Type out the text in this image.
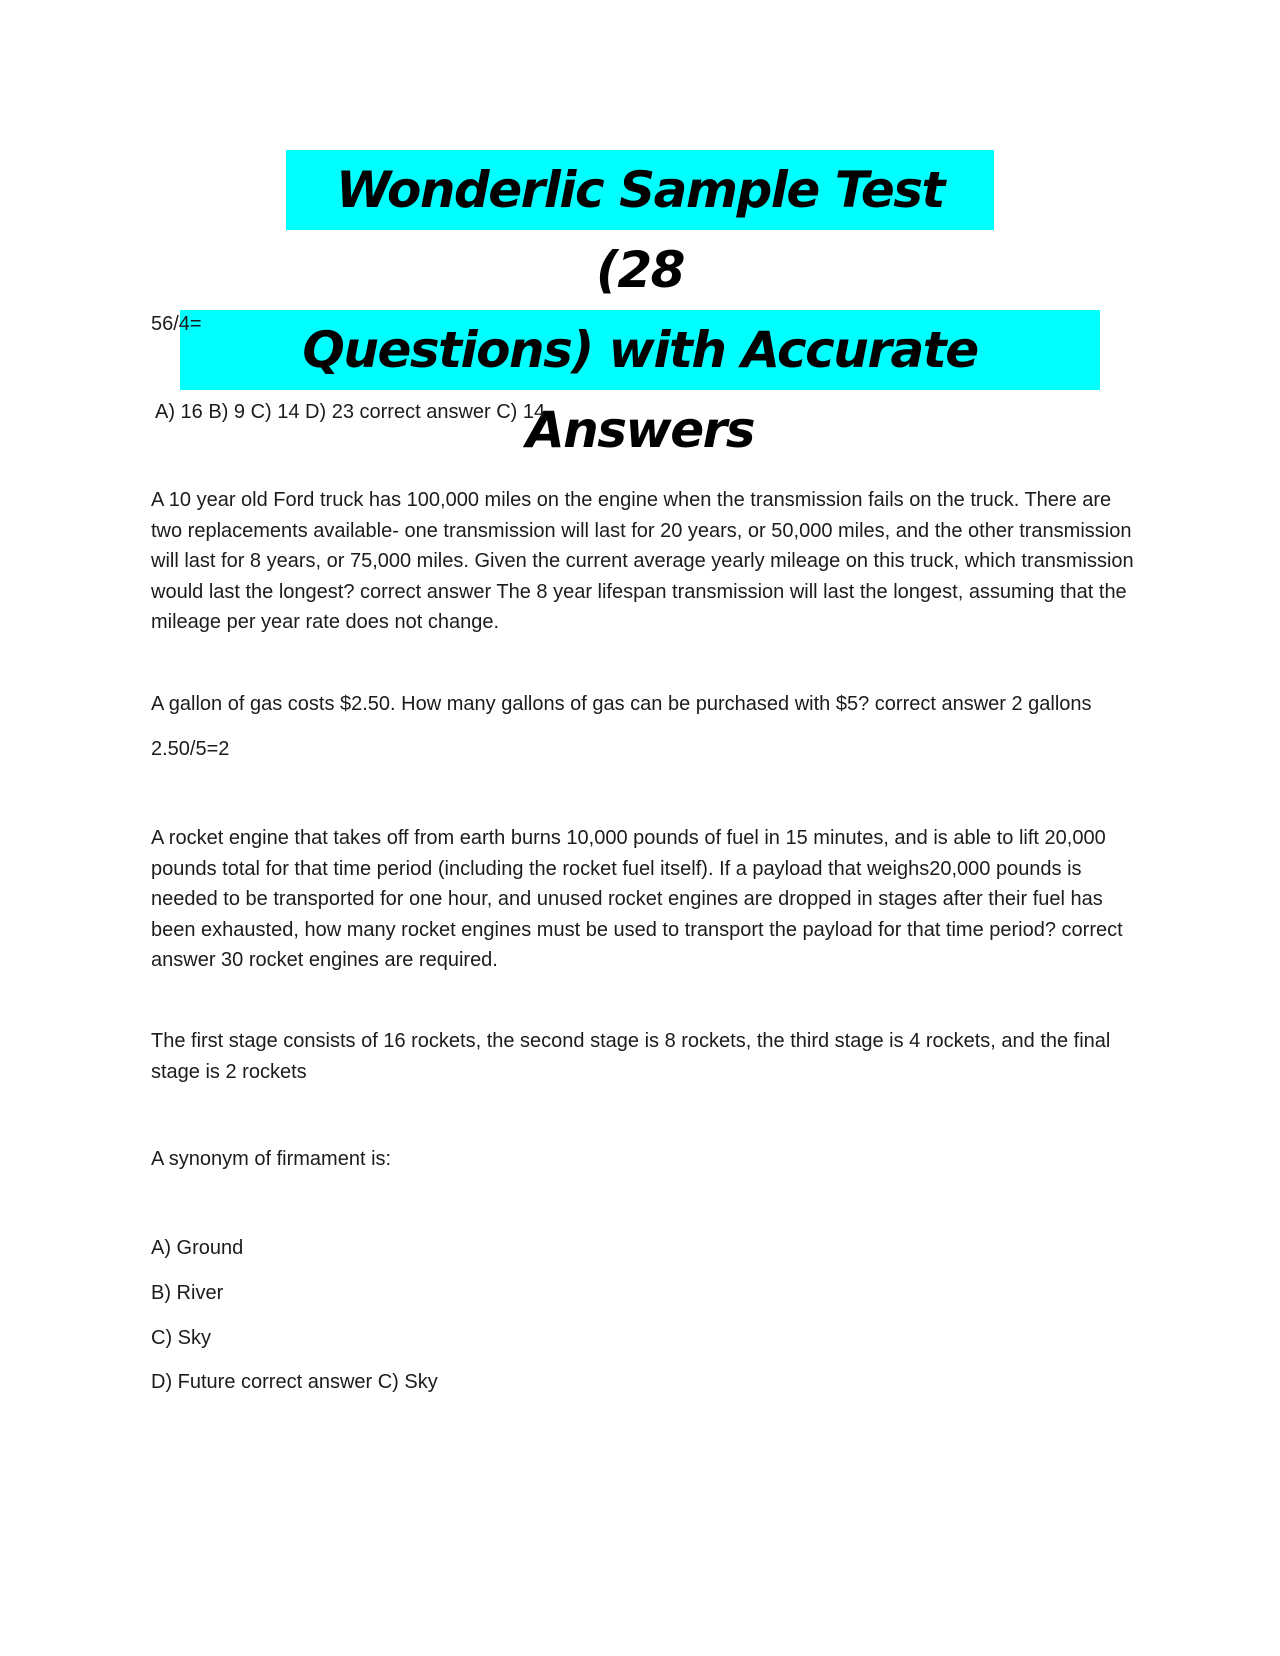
Wonderlic Sample Test (28
Questions) with Accurate Answers
56/4=
A) 16 B) 9 C) 14 D) 23 correct answer C) 14
A 10 year old Ford truck has 100,000 miles on the engine when the transmission fails on the truck. There are two replacements available- one transmission will last for 20 years, or 50,000 miles, and the other transmission will last for 8 years, or 75,000 miles. Given the current average yearly mileage on this truck, which transmission would last the longest? correct answer The 8 year lifespan transmission will last the longest, assuming that the mileage per year rate does not change.
A gallon of gas costs $2.50. How many gallons of gas can be purchased with $5? correct answer 2 gallons
2.50/5=2
A rocket engine that takes off from earth burns 10,000 pounds of fuel in 15 minutes, and is able to lift 20,000 pounds total for that time period (including the rocket fuel itself). If a payload that weighs20,000 pounds is needed to be transported for one hour, and unused rocket engines are dropped in stages after their fuel has been exhausted, how many rocket engines must be used to transport the payload for that time period? correct answer 30 rocket engines are required.
The first stage consists of 16 rockets, the second stage is 8 rockets, the third stage is 4 rockets, and the final stage is 2 rockets
A synonym of firmament is:
A) Ground
B) River
C) Sky
D) Future correct answer C) Sky
